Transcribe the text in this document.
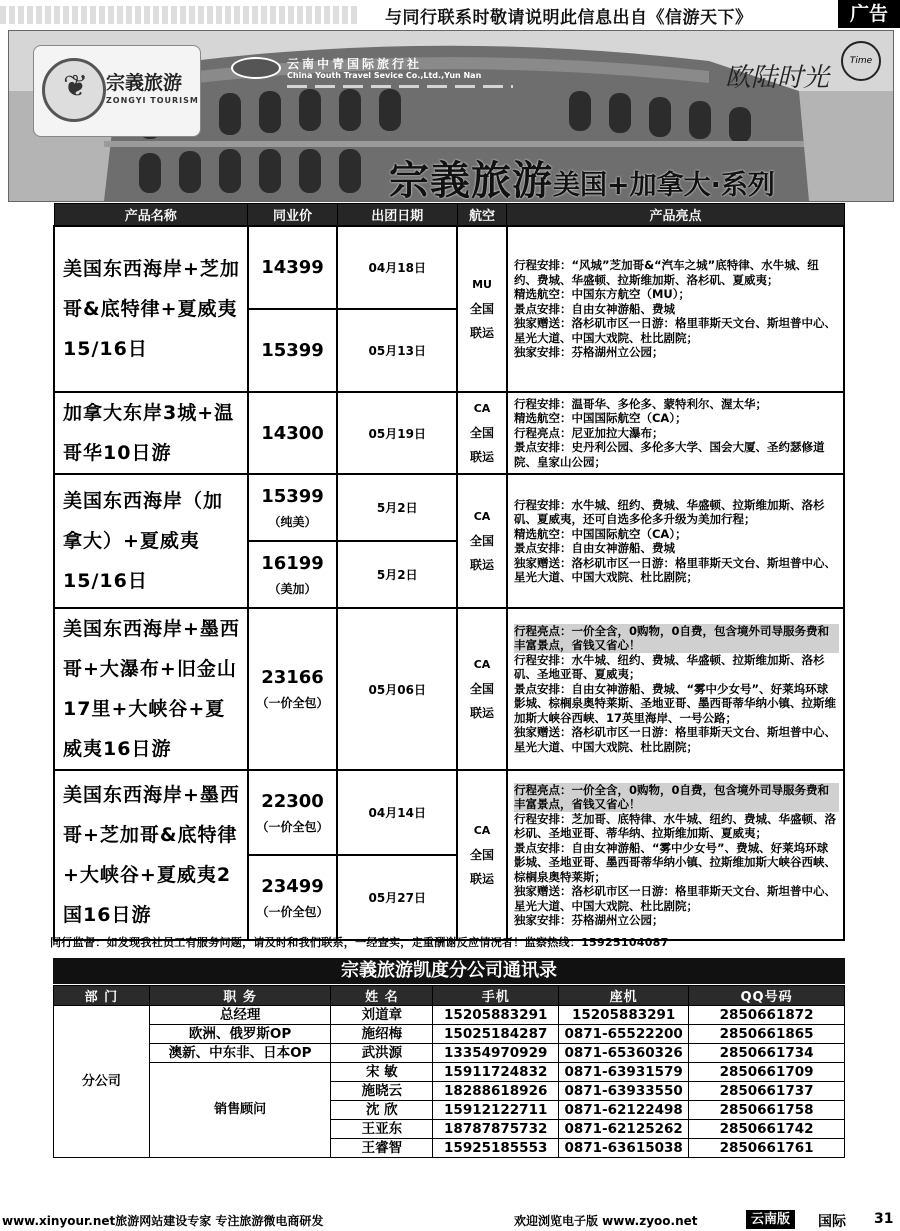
与同行联系时敬请说明此信息出自《信游天下》	广告
❦ 宗義旅游
ZONGYI TOURISM
云南中青国际旅行社
China Youth Travel Sevice Co.,Ltd.,Yun Nan	欧陆时光
Time
宗義旅游美国+加拿大·系列
产品名称	同业价	出团日期	航空	产品亮点
美国东西海岸+芝加哥&底特律+夏威夷15/16日	14399	04月18日	MU
全国联运	行程安排：“风城”芝加哥&“汽车之城”底特律、水牛城、纽约、费城、华盛顿、拉斯维加斯、洛杉矶、夏威夷；
精选航空：中国东方航空（MU）；
景点安排：自由女神游船、费城
独家赠送：洛杉矶市区一日游：格里菲斯天文台、斯坦普中心、星光大道、中国大戏院、杜比剧院；
独家安排：芬格湖州立公园；

	15399	05月13日		
加拿大东岸3城+温哥华10日游	14300	05月19日	CA
全国联运	行程安排：温哥华、多伦多、蒙特利尔、渥太华；
精选航空：中国国际航空（CA）；
行程亮点：尼亚加拉大瀑布；
景点安排：史丹利公园、多伦多大学、国会大厦、圣约瑟修道院、皇家山公园；

美国东西海岸（加拿大）+夏威夷15/16日	15399
（纯美）	5月2日	CA
全国联运	行程安排：水牛城、纽约、费城、华盛顿、拉斯维加斯、洛杉矶、夏威夷，还可自选多伦多升级为美加行程；
精选航空：中国国际航空（CA）；
景点安排：自由女神游船、费城
独家赠送：洛杉矶市区一日游：格里菲斯天文台、斯坦普中心、星光大道、中国大戏院、杜比剧院；

	16199
（美加）	5月2日		
美国东西海岸+墨西哥+大瀑布+旧金山17里+大峡谷+夏威夷16日游	23166
（一价全包）	05月06日	CA
全国联运	行程亮点：一价全含，0购物，0自费，包含境外司导服务费和丰富景点，省钱又省心！
行程安排：水牛城、纽约、费城、华盛顿、拉斯维加斯、洛杉矶、圣地亚哥、夏威夷；
景点安排：自由女神游船、费城、“雾中少女号”、好莱坞环球影城、棕榈泉奥特莱斯、圣地亚哥、墨西哥蒂华纳小镇、拉斯维加斯大峡谷西峡、17英里海岸、一号公路；
独家赠送：洛杉矶市区一日游：格里菲斯天文台、斯坦普中心、星光大道、中国大戏院、杜比剧院；

美国东西海岸+墨西哥+芝加哥&底特律+大峡谷+夏威夷2国16日游	22300
（一价全包）	04月14日	CA
全国联运	行程亮点：一价全含，0购物，0自费，包含境外司导服务费和丰富景点，省钱又省心！
行程安排：芝加哥、底特律、水牛城、纽约、费城、华盛顿、洛杉矶、圣地亚哥、蒂华纳、拉斯维加斯、夏威夷；
景点安排：自由女神游船、“雾中少女号”、费城、好莱坞环球影城、圣地亚哥、墨西哥蒂华纳小镇、拉斯维加斯大峡谷西峡、棕榈泉奥特莱斯；
独家赠送：洛杉矶市区一日游：格里菲斯天文台、斯坦普中心、星光大道、中国大戏院、杜比剧院；
独家安排：芬格湖州立公园；

	23499
（一价全包）	05月27日		
同行监督：如发现我社员工有服务问题，请及时和我们联系，一经查实，定重酬谢反应情况者！监察热线：15925104087
宗義旅游凯度分公司通讯录
部 门	职 务	姓 名	手机	座机	QQ号码
分公司	总经理	刘道章	15205883291	15205883291	2850661872
	欧洲、俄罗斯OP	施绍梅	15025184287	0871-65522200	2850661865
	澳新、中东非、日本OP	武洪源	13354970929	0871-65360326	2850661734
	销售顾问	宋 敏	15911724832	0871-63931579	2850661709
		施晓云	18288618926	0871-63933550	2850661737
		沈 欣	15912122711	0871-62122498	2850661758
		王亚东	18787875732	0871-62125262	2850661742
		王睿智	15925185553	0871-63615038	2850661761
www.xinyour.net旅游网站建设专家 专注旅游微电商研发	欢迎浏览电子版 www.zyoo.net	云南版	国际 31
